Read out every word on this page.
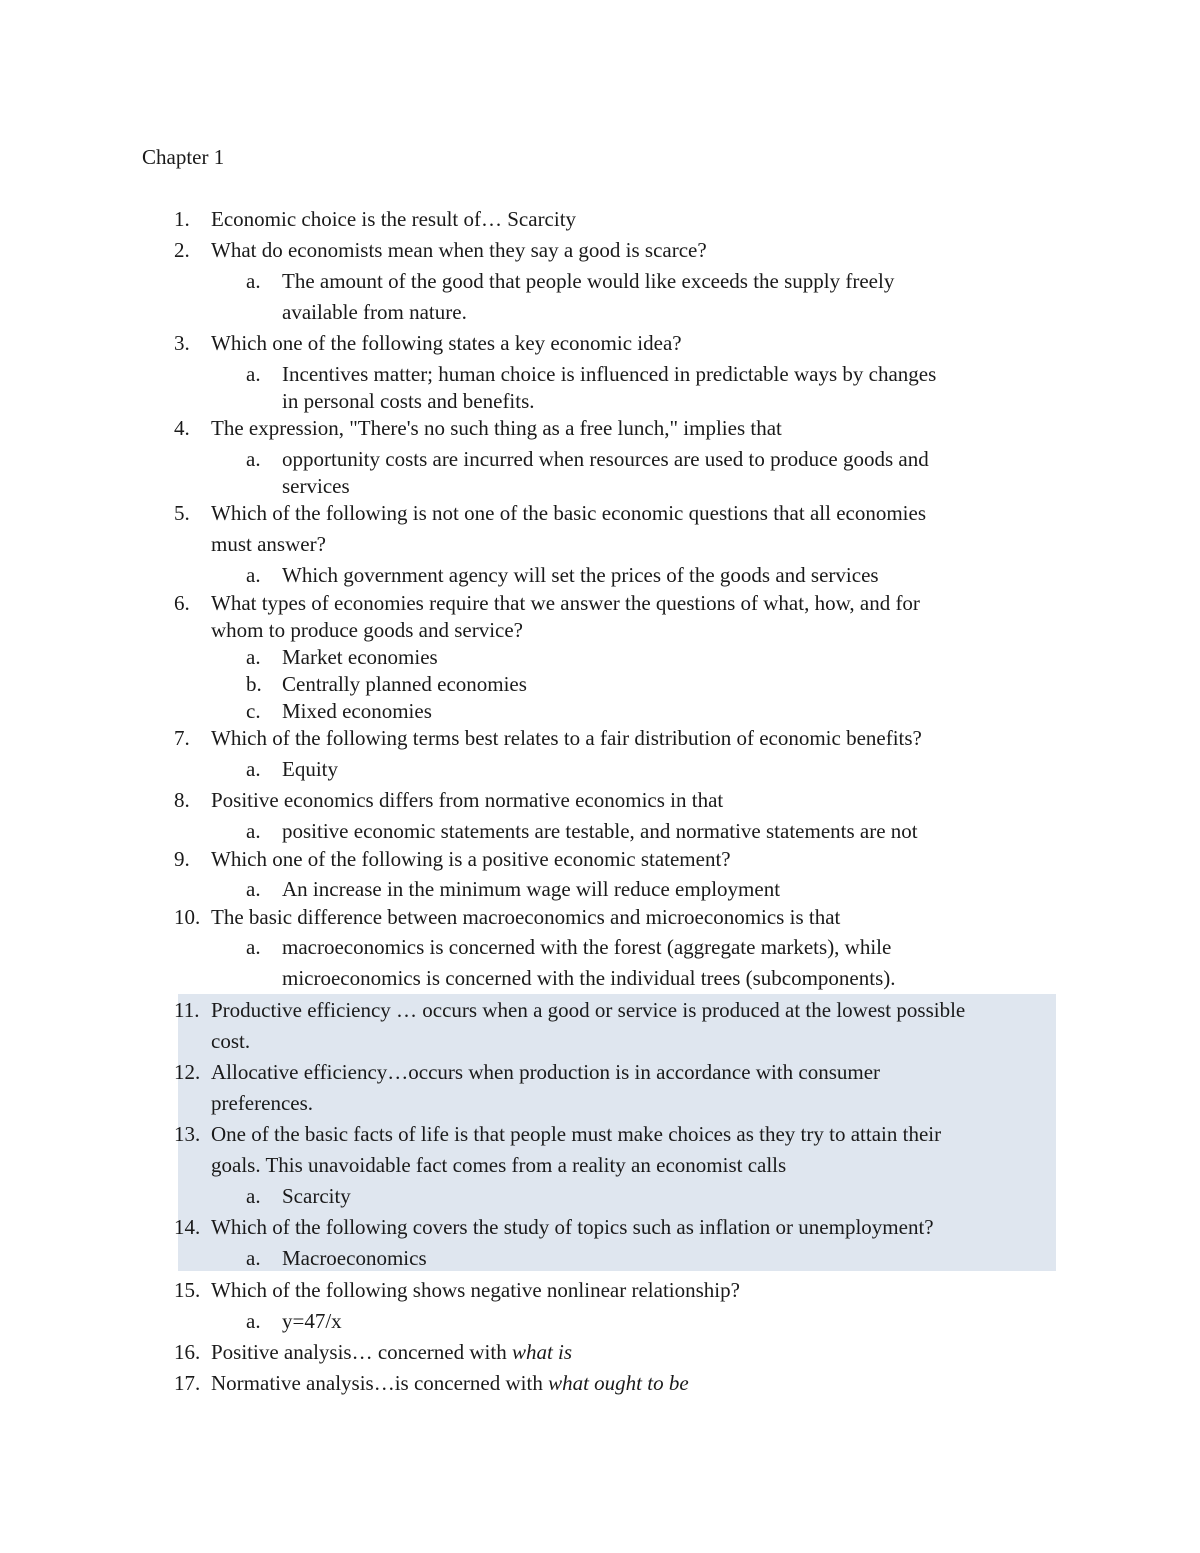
Chapter 1
1. Economic choice is the result of… Scarcity
2. What do economists mean when they say a good is scarce?
a. The amount of the good that people would like exceeds the supply freely
available from nature.
3. Which one of the following states a key economic idea?
a. Incentives matter; human choice is influenced in predictable ways by changes
in personal costs and benefits.
4. The expression, "There's no such thing as a free lunch," implies that
a. opportunity costs are incurred when resources are used to produce goods and
services
5. Which of the following is not one of the basic economic questions that all economies
must answer?
a. Which government agency will set the prices of the goods and services
6. What types of economies require that we answer the questions of what, how, and for
whom to produce goods and service?
a. Market economies
b. Centrally planned economies
c. Mixed economies
7. Which of the following terms best relates to a fair distribution of economic benefits?
a. Equity
8. Positive economics differs from normative economics in that
a. positive economic statements are testable, and normative statements are not
9. Which one of the following is a positive economic statement?
a. An increase in the minimum wage will reduce employment
10. The basic difference between macroeconomics and microeconomics is that
a. macroeconomics is concerned with the forest (aggregate markets), while
microeconomics is concerned with the individual trees (subcomponents).
11. Productive efficiency … occurs when a good or service is produced at the lowest possible
cost.
12. Allocative efficiency…occurs when production is in accordance with consumer
preferences.
13. One of the basic facts of life is that people must make choices as they try to attain their
goals. This unavoidable fact comes from a reality an economist calls
a. Scarcity
14. Which of the following covers the study of topics such as inflation or unemployment?
a. Macroeconomics
15. Which of the following shows negative nonlinear relationship?
a. y=47/x
16. Positive analysis… concerned with what is
17. Normative analysis…is concerned with what ought to be
